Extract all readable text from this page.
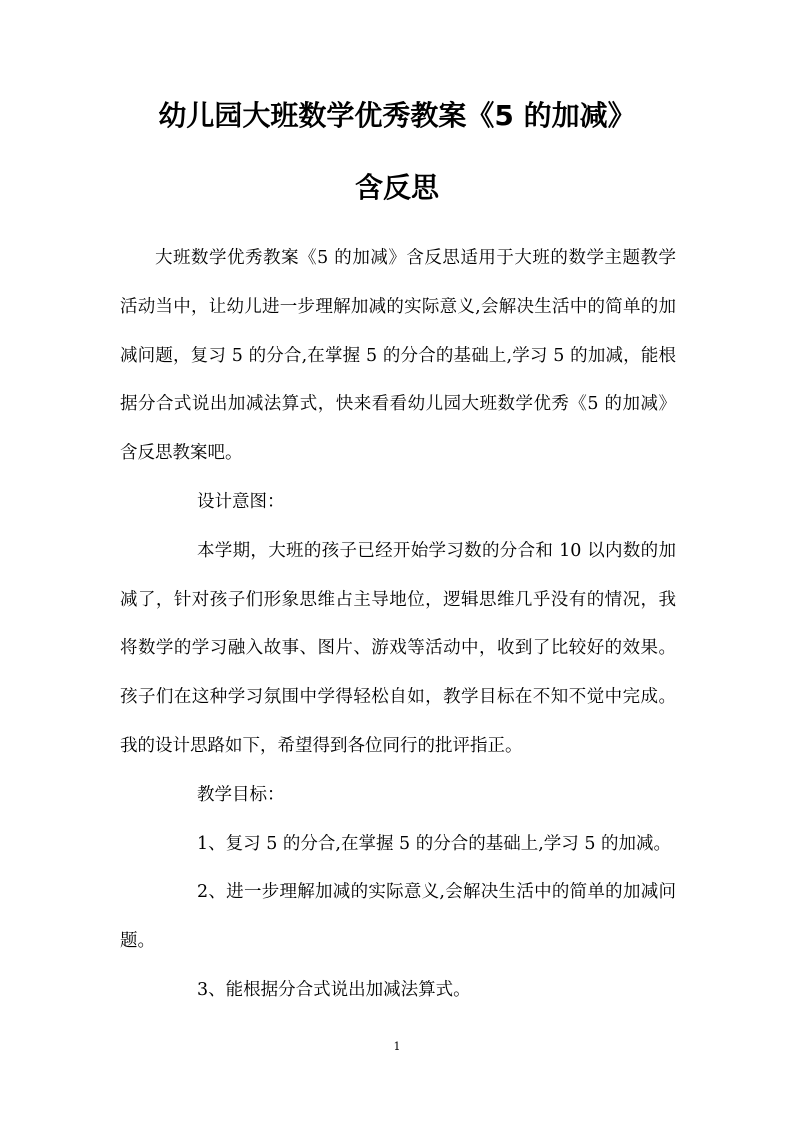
幼儿园大班数学优秀教案《5 的加减》
含反思

大班数学优秀教案《5 的加减》含反思适用于大班的数学主题教学活动当中，让幼儿进一步理解加减的实际意义,会解决生活中的简单的加减问题，复习 5 的分合,在掌握 5 的分合的基础上,学习 5 的加减，能根据分合式说出加减法算式，快来看看幼儿园大班数学优秀《5 的加减》含反思教案吧。

设计意图：

本学期，大班的孩子已经开始学习数的分合和 10 以内数的加减了，针对孩子们形象思维占主导地位，逻辑思维几乎没有的情况，我将数学的学习融入故事、图片、游戏等活动中，收到了比较好的效果。孩子们在这种学习氛围中学得轻松自如，教学目标在不知不觉中完成。我的设计思路如下，希望得到各位同行的批评指正。

教学目标：

1、复习 5 的分合,在掌握 5 的分合的基础上,学习 5 的加减。

2、进一步理解加减的实际意义,会解决生活中的简单的加减问题。

3、能根据分合式说出加减法算式。

1
